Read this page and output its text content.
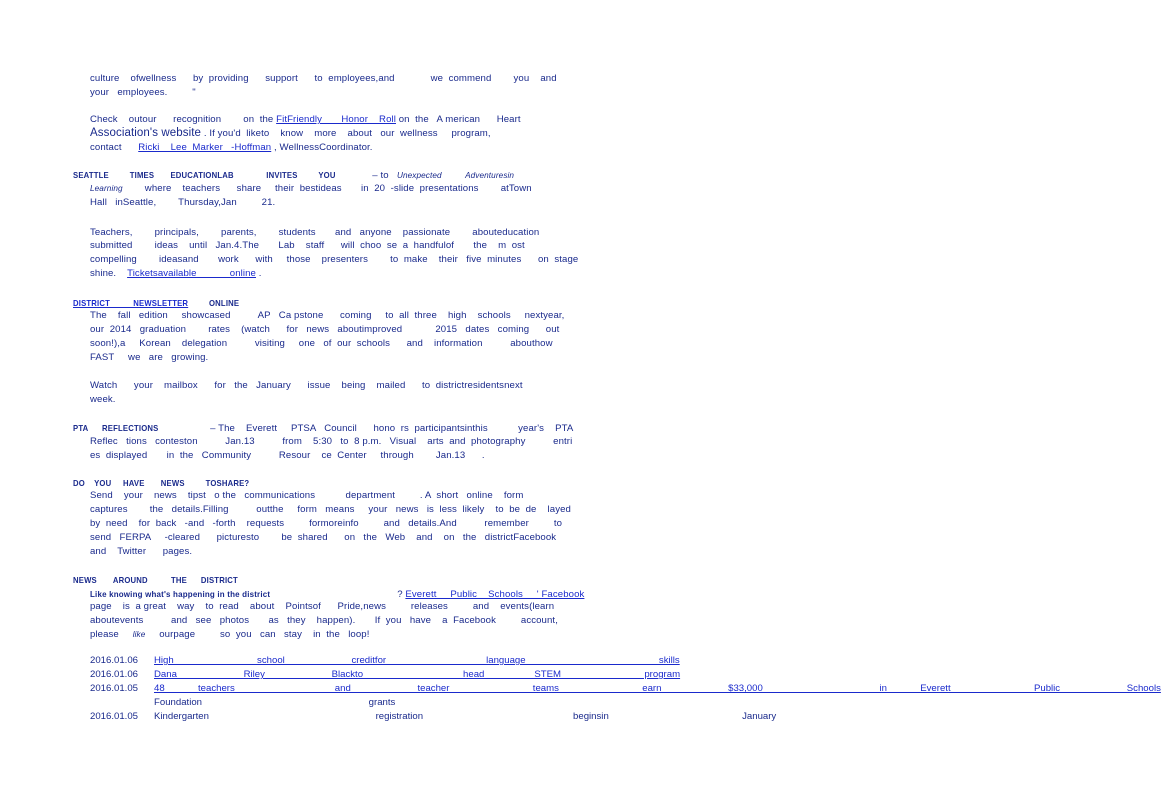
culture    ofwellness      by  providing      support      to  employees,and             we  commend        you    and
your   employees.         "
Check    outour      recognition        on  the FitFriendly       Honor    Roll on  the   A merican      Heart
Association's website . If you'd  liketo    know    more    about   our  wellness     program,
contact Ricki    Lee  Marker   -Hoffman , WellnessCoordinator.
SEATTLE         TIMES       EDUCATIONLAB              INVITES         YOU	– to Unexpected          Adventuresin
Learning where    teachers      share     their  bestideas       in  20  -slide  presentations        atTown
Hall   inSeattle,        Thursday,Jan         21.
Teachers,        principals,        parents,        students       and   anyone    passionate        abouteducation
submitted        ideas    until   Jan.4.The       Lab    staff      will  choo  se  a  handfulof       the    m  ost
compelling        ideasand       work      with     those    presenters        to  make    their   five  minutes      on  stage
shine. Ticketsavailable            online .
DISTRICT          NEWSLETTER	ONLINE
The    fall   edition     showcased          AP   Ca pstone      coming     to  all  three    high    schools     nextyear,
our  2014   graduation        rates    (watch      for   news   aboutimproved            2015   dates   coming      out
soon!),a     Korean    delegation          visiting     one   of  our  schools      and    information          abouthow
FAST     we   are   growing.
Watch      your    mailbox      for   the   January      issue    being    mailed      to  districtresidentsnext
week.
PTA      REFLECTIONS	– The    Everett     PTSA   Council      hono  rs  participantsinthis           year's    PTA
Reflec   tions   conteston          Jan.13          from    5:30   to  8 p.m.   Visual    arts  and  photography          entri
es  displayed       in  the   Community          Resour    ce  Center     through        Jan.13      .
DO    YOU     HAVE       NEWS         TOSHARE?
Send    your    news    tipst   o the   communications           department         . A  short   online    form
captures        the   details.Filling          outthe     form   means     your   news   is  less  likely    to  be  de    layed
by  need    for  back   -and   -forth    requests         formoreinfo         and   details.And          remember         to
send   FERPA     -cleared      picturesto        be  shared      on   the   Web    and    on   the   districtFacebook
and    Twitter      pages.
NEWS       AROUND          THE      DISTRICT
Like knowing what's happening in the district	? Everett     Public    Schools     ' Facebook
page    is  a great    way    to  read    about    Pointsof      Pride,news         releases         and    events(learn
aboutevents          and   see   photos       as   they    happen).       If  you   have    a  Facebook         account,
please like ourpage         so  you   can   stay    in  the   loop!
2016.01.06 High     school    creditfor      language        skills
2016.01.06 Dana    Riley    Blackto      head   STEM     program
2016.01.05 48  teachers      and    teacher     teams     earn    $33,000       in  Everett     Public    Schools
Foundation          grants
2016.01.05 Kindergarten          registration         beginsin        January
